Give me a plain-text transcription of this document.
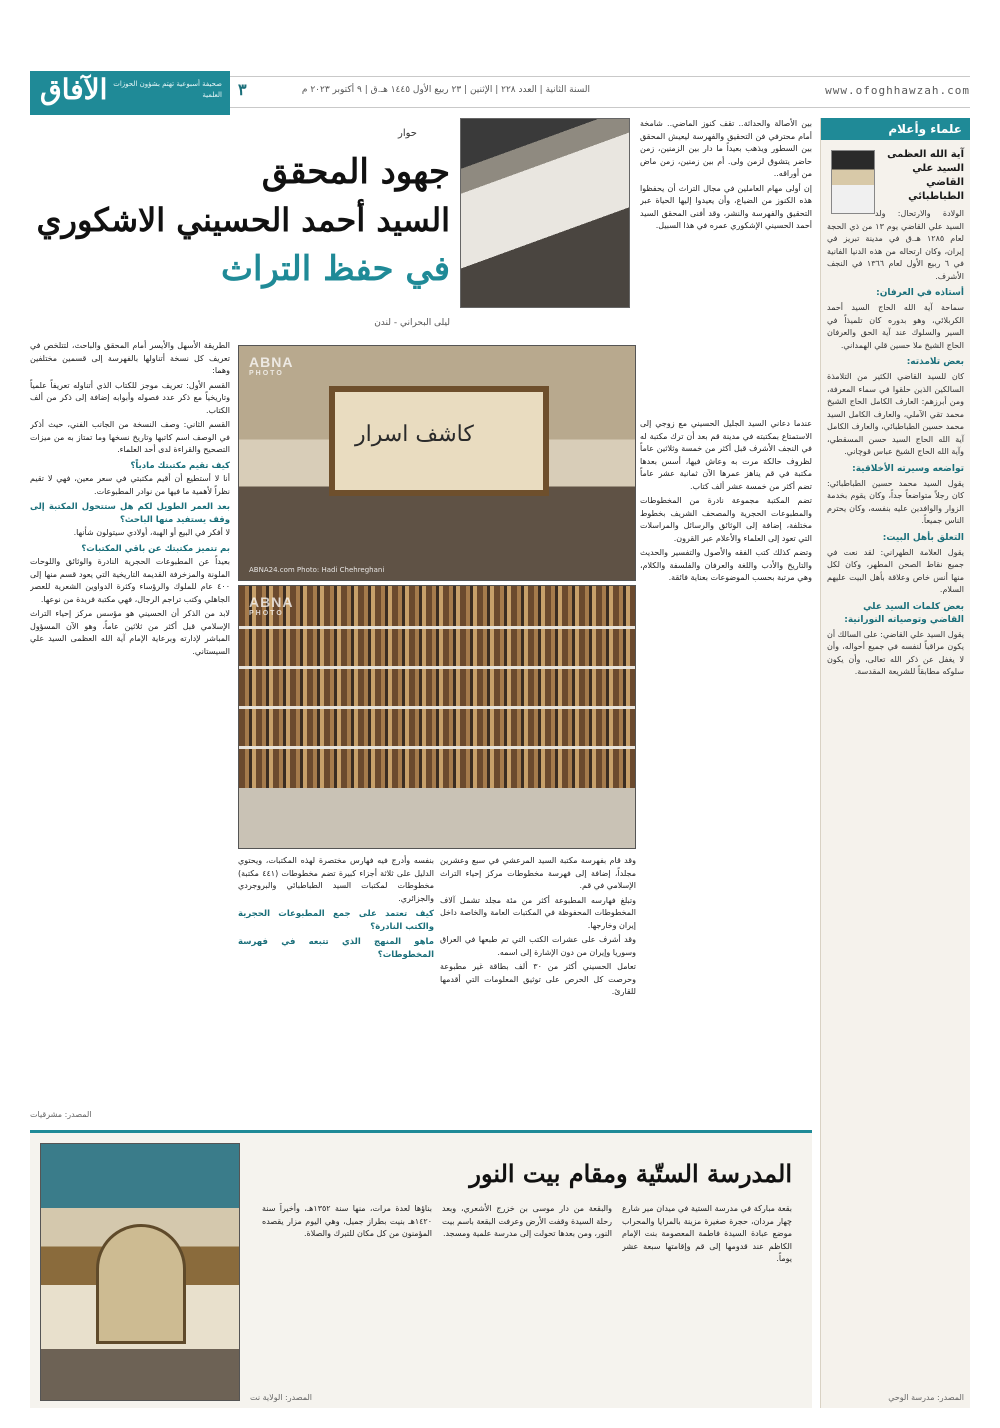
www.ofoghhawzah.com
السنة الثانية | العدد ٢٢٨ | الإثنين | ٢٣ ربيع الأول ١٤٤٥ هـ.ق | ٩ أكتوبر ٢٠٢٣ م
٣
صحيفة أسبوعية تهتم بشؤون الحوزات العلمية
الآفاق
علماء وأعلام
آية الله العظمى
السيد علي القاضي الطباطبائي
الولادة والارتحال: ولد السيد علي القاضي يوم ١٣ من ذي الحجة لعام ١٢٨٥ هـ.ق في مدينة تبريز في إيران، وكان ارتحاله من هذه الدنيا الفانية في ٦ ربيع الأول لعام ١٣٦٦ في النجف الأشرف.
أستاذه في العرفان:
سماحة آية الله الحاج السيد أحمد الكربلائي، وهو بدوره كان تلميذاً في السير والسلوك عند آية الحق والعرفان الحاج الشيخ ملا حسين قلي الهمداني.
بعض تلامذته:
كان للسيد القاضي الكثير من التلامذة السالكين الذين حلقوا في سماء المعرفة، ومن أبرزهم: العارف الكامل الحاج الشيخ محمد تقي الآملي، والعارف الكامل السيد محمد حسين الطباطبائي، والعارف الكامل آية الله الحاج السيد حسن المسقطي، وآية الله الحاج الشيخ عباس قوچاني.
تواضعه وسيرته الأخلاقية:
يقول السيد محمد حسين الطباطبائي: كان رجلاً متواضعاً جداً، وكان يقوم بخدمة الزوار والوافدين عليه بنفسه، وكان يحترم الناس جميعاً.
التعلق بأهل البيت:
يقول العلامة الطهراني: لقد نعت في جميع نقاط الصحن المطهر، وكان لكل منها أنس خاص وعلاقة بأهل البيت عليهم السلام.
بعض كلمات السيد علي القاضي وتوصياته النورانية:
يقول السيد علي القاضي: على السالك أن يكون مراقباً لنفسه في جميع أحواله، وأن لا يغفل عن ذكر الله تعالى، وأن يكون سلوكه مطابقاً للشريعة المقدسة.
المصدر: مدرسة الوحي
حوار
جهود المحقق
السيد أحمد الحسيني الاشكوري
في حفظ التراث
ليلى البحراني - لندن

بين الأصالة والحداثة.. تقف كنوز الماضي.. شامخة أمام محترفي فن التحقيق والفهرسة ليعيش المحقق بين السطور ويذهب بعيداً ما دار بين الزمنين، زمن حاضر يتشوق لزمن ولى. أم بين زمنين، زمن ماض من أوراقه..

إن أولى مهام العاملين في مجال التراث أن يحفظوا هذه الكنوز من الضياع، وأن يعيدوا إليها الحياة عبر التحقيق والفهرسة والنشر، وقد أفنى المحقق السيد أحمد الحسيني الإشكوري عمره في هذا السبيل.

عندما دعاني السيد الجليل الحسيني مع زوجي إلى الاستمتاع بمكتبته في مدينة قم بعد أن ترك مكتبة له في النجف الأشرف قبل أكثر من خمسة وثلاثين عاماً لظروف حالكة مرت به وعاش فيها، أسس بعدها مكتبة في قم يناهز عمرها الآن ثمانية عشر عاماً تضم أكثر من خمسة عشر ألف كتاب.

تضم المكتبة مجموعة نادرة من المخطوطات والمطبوعات الحجرية والمصحف الشريف بخطوط مختلفة، إضافة إلى الوثائق والرسائل والمراسلات التي تعود إلى العلماء والأعلام عبر القرون.

وتضم كذلك كتب الفقه والأصول والتفسير والحديث والتاريخ والأدب واللغة والعرفان والفلسفة والكلام، وهي مرتبة بحسب الموضوعات بعناية فائقة.

كاشف اسرار
ABNA
PHOTO
ABNA24.com Photo: Hadi Chehreghani
ABNA
PHOTO

الطريقة الأسهل والأيسر أمام المحقق والباحث، لتتلخص في تعريف كل نسخة أتناولها بالفهرسة إلى قسمين مختلفين وهما:

القسم الأول: تعريف موجز للكتاب الذي أتناوله تعريفاً علمياً وتاريخياً مع ذكر عدد فصوله وأبوابه إضافة إلى ذكر من ألف الكتاب.

القسم الثاني: وصف النسخة من الجانب الفني، حيث أذكر في الوصف اسم كاتبها وتاريخ نسخها وما تمتاز به من ميزات التصحيح والقراءة لدى أحد العلماء.

كيف تقيم مكتبتك مادياً؟

أنا لا أستطيع أن أقيم مكتبتي في سعر معين، فهي لا تقيم نظراً لأهمية ما فيها من نوادر المطبوعات.

بعد العمر الطويل لكم هل ستتحول المكتبة إلى وقف يستفيد منها الباحث؟

لا أفكر في البيع أو الهبة، أولادي سيتولون شأنها.

بم تتميز مكتبتك عن باقي المكتبات؟

بعيداً عن المطبوعات الحجرية النادرة والوثائق واللوحات الملونة والمزخرفة القديمة التاريخية التي يعود قسم منها إلى ٤٠٠ عام للملوك والرؤساء وكثرة الدواوين الشعرية للعصر الجاهلي وكتب تراجم الرجال، فهي مكتبة فريدة من نوعها.

لابد من الذكر أن الحسيني هو مؤسس مركز إحياء التراث الإسلامي قبل أكثر من ثلاثين عاماً، وهو الآن المسؤول المباشر لإدارته وبرعاية الإمام آية الله العظمى السيد علي السيستاني.

وقد قام بفهرسة مكتبة السيد المرعشي في سبع وعشرين مجلداً، إضافة إلى فهرسة مخطوطات مركز إحياء التراث الإسلامي في قم.

وتبلغ فهارسه المطبوعة أكثر من مئة مجلد تشمل آلاف المخطوطات المحفوظة في المكتبات العامة والخاصة داخل إيران وخارجها.

وقد أشرف على عشرات الكتب التي تم طبعها في العراق وسوريا وإيران من دون الإشارة إلى اسمه.

تعامل الحسيني أكثر من ٣٠ ألف بطاقة غير مطبوعة وحرصت كل الحرص على توثيق المعلومات التي أقدمها للقارئ.

بنفسه وأدرج فيه فهارس مختصرة لهذه المكتبات، ويحتوي الدليل على ثلاثة أجزاء كبيرة تضم مخطوطات (٤٤١ مكتبة) مخطوطات لمكتبات السيد الطباطبائي والبروجردي والجزائري.

كيف تعتمد على جمع المطبوعات الحجرية والكتب النادرة؟
ماهو المنهج الذي تتبعه في فهرسة المخطوطات؟
المصدر: مشرقيات
المدرسة الستّية ومقام بيت النور
بقعة مباركة في مدرسة الستية في ميدان مير شارع چهار مردان، حجرة صغيرة مزينة بالمرايا والمحراب موضع عبادة السيدة فاطمة المعصومة بنت الإمام الكاظم عند قدومها إلى قم وإقامتها سبعة عشر يوماً.
والبقعة من دار موسى بن خزرج الأشعري، وبعد رحلة السيدة وقفت الأرض وعرفت البقعة باسم بيت النور، ومن بعدها تحولت إلى مدرسة علمية ومسجد.
بناؤها لعدة مرات، منها سنة ١٣٥٢هـ، وأخيراً سنة ١٤٢٠هـ بنيت بطراز جميل، وهي اليوم مزار يقصده المؤمنون من كل مكان للتبرك والصلاة.
المصدر: الولاية نت
